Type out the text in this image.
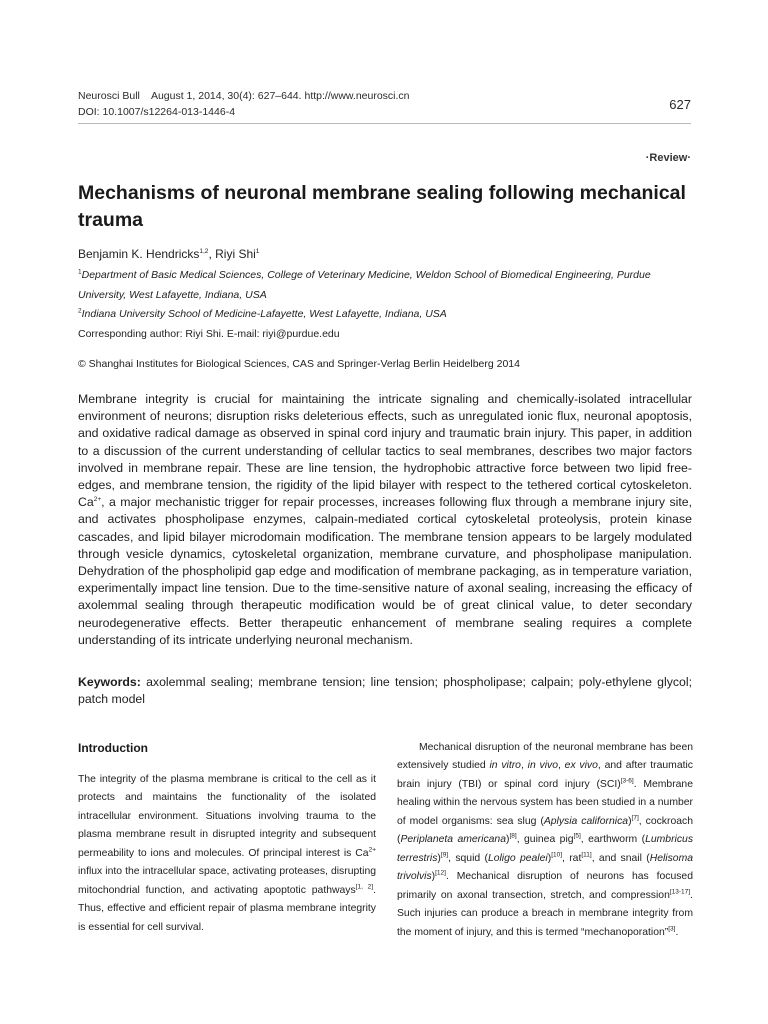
Neurosci Bull    August 1, 2014, 30(4): 627–644. http://www.neurosci.cn
DOI: 10.1007/s12264-013-1446-4	627
·Review·
Mechanisms of neuronal membrane sealing following mechanical trauma
Benjamin K. Hendricks$^{1,2}$, Riyi Shi$^1$
$^1$Department of Basic Medical Sciences, College of Veterinary Medicine, Weldon School of Biomedical Engineering, Purdue University, West Lafayette, Indiana, USA
$^2$Indiana University School of Medicine-Lafayette, West Lafayette, Indiana, USA
Corresponding author: Riyi Shi. E-mail: riyi@purdue.edu
© Shanghai Institutes for Biological Sciences, CAS and Springer-Verlag Berlin Heidelberg 2014
Membrane integrity is crucial for maintaining the intricate signaling and chemically-isolated intracellular environment of neurons; disruption risks deleterious effects, such as unregulated ionic flux, neuronal apoptosis, and oxidative radical damage as observed in spinal cord injury and traumatic brain injury. This paper, in addition to a discussion of the current understanding of cellular tactics to seal membranes, describes two major factors involved in membrane repair. These are line tension, the hydrophobic attractive force between two lipid free-edges, and membrane tension, the rigidity of the lipid bilayer with respect to the tethered cortical cytoskeleton. $Ca^{2+}$, a major mechanistic trigger for repair processes, increases following flux through a membrane injury site, and activates phospholipase enzymes, calpain-mediated cortical cytoskeletal proteolysis, protein kinase cascades, and lipid bilayer microdomain modification. The membrane tension appears to be largely modulated through vesicle dynamics, cytoskeletal organization, membrane curvature, and phospholipase manipulation. Dehydration of the phospholipid gap edge and modification of membrane packaging, as in temperature variation, experimentally impact line tension. Due to the time-sensitive nature of axonal sealing, increasing the efficacy of axolemmal sealing through therapeutic modification would be of great clinical value, to deter secondary neurodegenerative effects. Better therapeutic enhancement of membrane sealing requires a complete understanding of its intricate underlying neuronal mechanism.
Keywords: axolemmal sealing; membrane tension; line tension; phospholipase; calpain; poly-ethylene glycol; patch model
Introduction

The integrity of the plasma membrane is critical to the cell as it protects and maintains the functionality of the isolated intracellular environment. Situations involving trauma to the plasma membrane result in disrupted integrity and subsequent permeability to ions and molecules. Of principal interest is $Ca^{2+}$ influx into the intracellular space, activating proteases, disrupting mitochondrial function, and activating apoptotic pathways[1, 2]. Thus, effective and efficient repair of plasma membrane integrity is essential for cell survival.

Mechanical disruption of the neuronal membrane has been extensively studied in vitro, in vivo, ex vivo, and after traumatic brain injury (TBI) or spinal cord injury (SCI)[3-6]. Membrane healing within the nervous system has been studied in a number of model organisms: sea slug (Aplysia californica)[7], cockroach (Periplaneta americana)[8], guinea pig[5], earthworm (Lumbricus terrestris)[9], squid (Loligo pealei)[10], rat[11], and snail (Helisoma trivolvis)[12]. Mechanical disruption of neurons has focused primarily on axonal transection, stretch, and compression[13-17]. Such injuries can produce a breach in membrane integrity from the moment of injury, and this is termed “mechanoporation”[3].
